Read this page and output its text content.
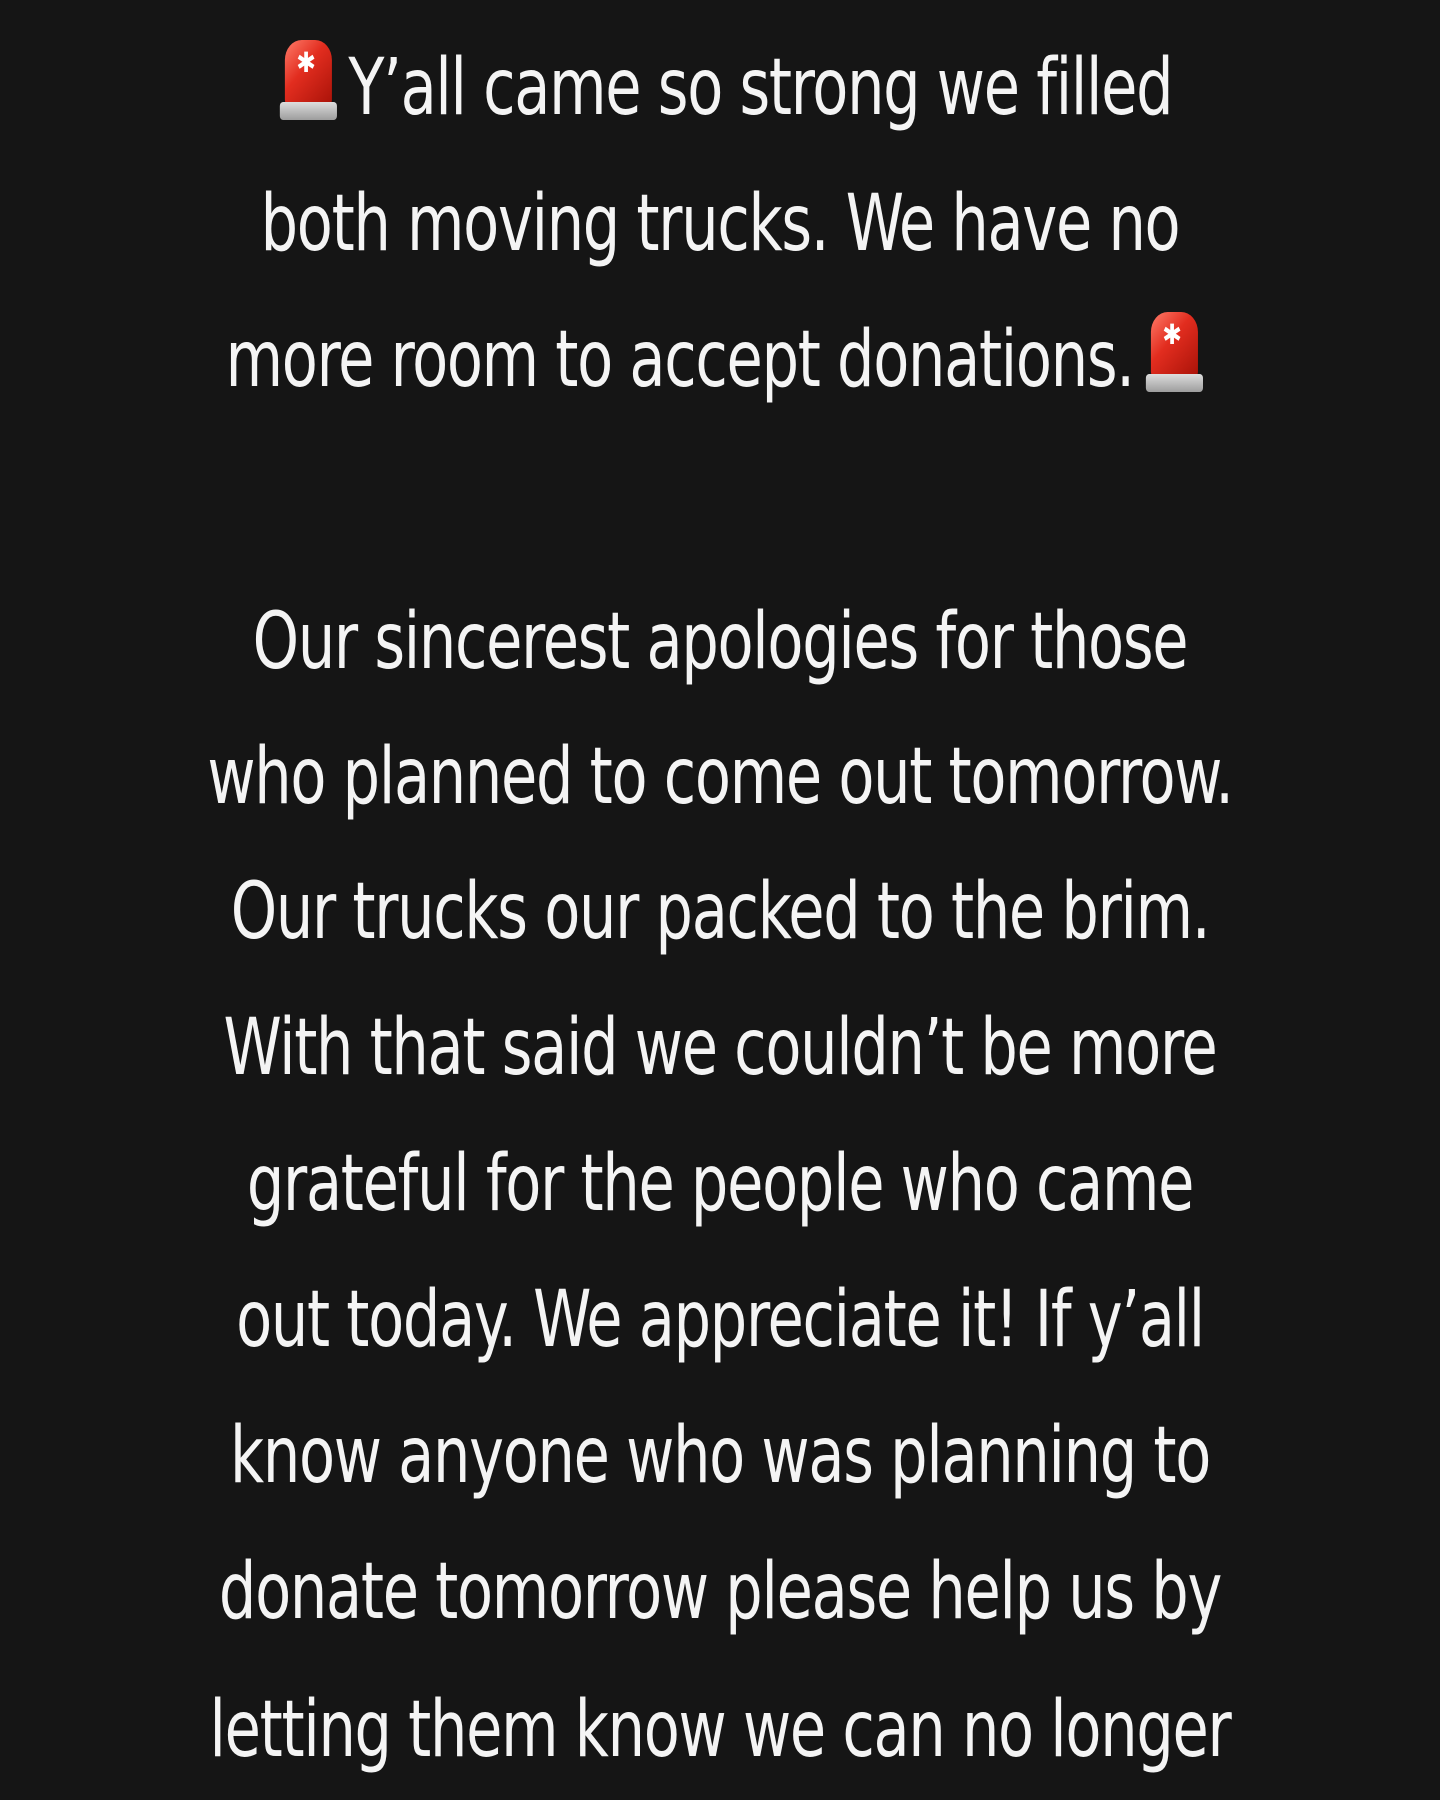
✱ Y’all came so strong we filled
both moving trucks. We have no
more room to accept donations. ✱
Our sincerest apologies for those
who planned to come out tomorrow.
Our trucks our packed to the brim.
With that said we couldn’t be more
grateful for the people who came
out today. We appreciate it! If y’all
know anyone who was planning to
donate tomorrow please help us by
letting them know we can no longer
